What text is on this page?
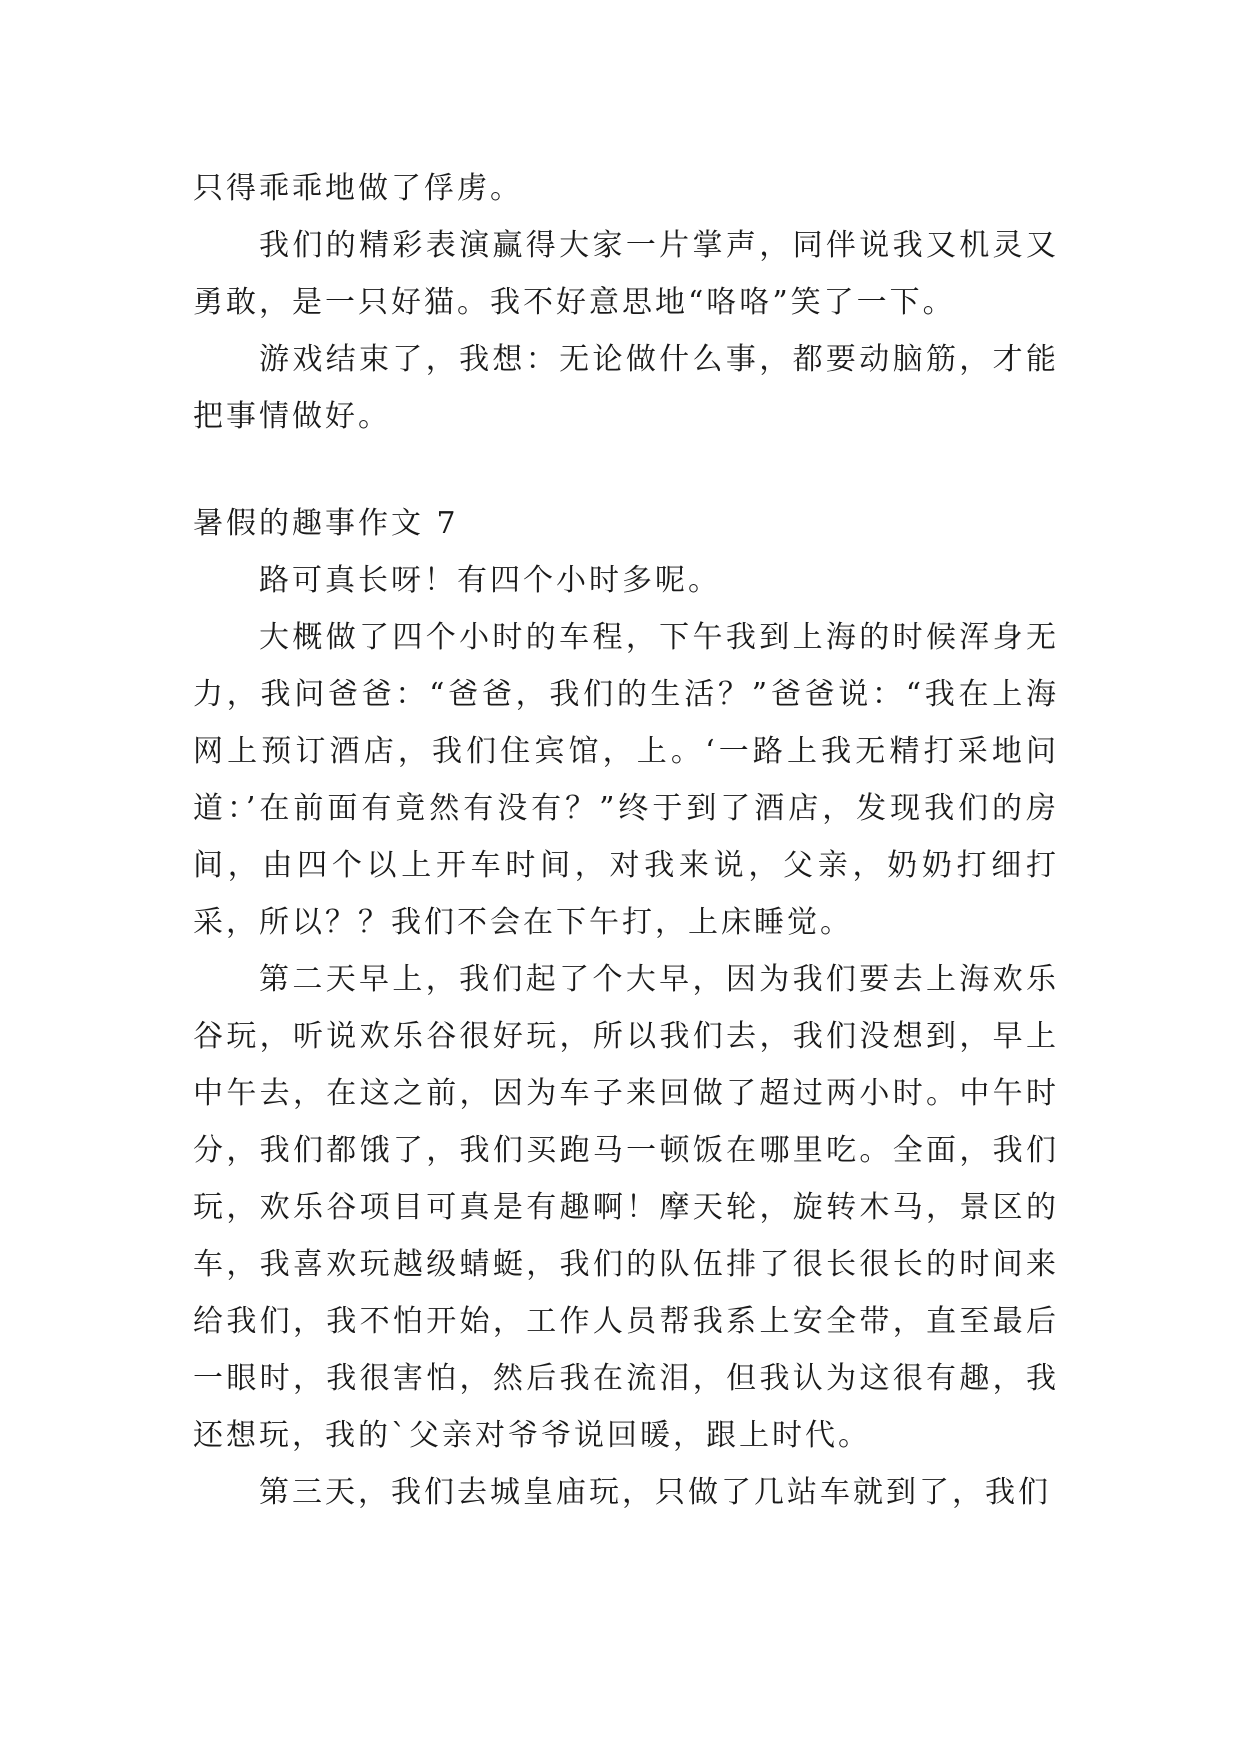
只得乖乖地做了俘虏。

我们的精彩表演赢得大家一片掌声，同伴说我又机灵又勇敢，是一只好猫。我不好意思地“咯咯”笑了一下。

游戏结束了，我想：无论做什么事，都要动脑筋，才能把事情做好。

暑假的趣事作文 7

路可真长呀！有四个小时多呢。

大概做了四个小时的车程，下午我到上海的时候浑身无力，我问爸爸：“爸爸，我们的生活？”爸爸说：“我在上海网上预订酒店，我们住宾馆，上。‘一路上我无精打采地问道：’在前面有竟然有没有？”终于到了酒店，发现我们的房间，由四个以上开车时间，对我来说，父亲，奶奶打细打采，所以？？我们不会在下午打，上床睡觉。

第二天早上，我们起了个大早，因为我们要去上海欢乐谷玩，听说欢乐谷很好玩，所以我们去，我们没想到，早上中午去，在这之前，因为车子来回做了超过两小时。中午时分，我们都饿了，我们买跑马一顿饭在哪里吃。全面，我们玩，欢乐谷项目可真是有趣啊！摩天轮，旋转木马，景区的车，我喜欢玩越级蜻蜓，我们的队伍排了很长很长的时间来给我们，我不怕开始，工作人员帮我系上安全带，直至最后一眼时，我很害怕，然后我在流泪，但我认为这很有趣，我还想玩，我的`父亲对爷爷说回暖，跟上时代。

第三天，我们去城皇庙玩，只做了几站车就到了，我们
